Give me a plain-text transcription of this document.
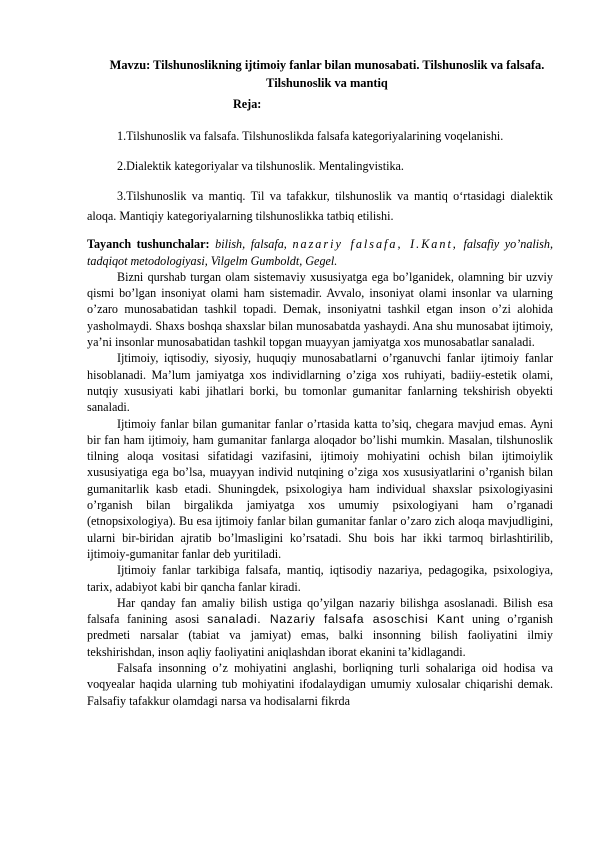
Mavzu: Tilshunoslikning ijtimoiy fanlar bilan munosabati. Tilshunoslik va falsafa. Tilshunoslik va mantiq
Reja:
1.Tilshunoslik va falsafa. Tilshunoslikda falsafa kategoriyalarining voqelanishi.
2.Dialektik kategoriyalar va tilshunoslik. Mentalingvistika.
3.Tilshunoslik va mantiq. Til va tafakkur, tilshunoslik va mantiq o‘rtasidagi dialektik aloqa. Mantiqiy kategoriyalarning tilshunoslikka tatbiq etilishi.
Tayanch tushunchalar: bilish, falsafa, nazariy falsafa, I.Kant, falsafiy yo’nalish, tadqiqot metodologiyasi, Vilgelm Gumboldt, Gegel.

Bizni qurshab turgan olam sistemaviy xususiyatga ega bo’lganidek, olamning bir uzviy qismi bo’lgan insoniyat olami ham sistemadir. Avvalo, insoniyat olami insonlar va ularning o’zaro munosabatidan tashkil topadi. Demak, insoniyatni tashkil etgan inson o’zi alohida yasholmaydi. Shaxs boshqa shaxslar bilan munosabatda yashaydi. Ana shu munosabat ijtimoiy, ya’ni insonlar munosabatidan tashkil topgan muayyan jamiyatga xos munosabatlar sanaladi.

Ijtimoiy, iqtisodiy, siyosiy, huquqiy munosabatlarni o’rganuvchi fanlar ijtimoiy fanlar hisoblanadi. Ma’lum jamiyatga xos individlarning o’ziga xos ruhiyati, badiiy-estetik olami, nutqiy xususiyati kabi jihatlari borki, bu tomonlar gumanitar fanlarning tekshirish obyekti sanaladi.

Ijtimoiy fanlar bilan gumanitar fanlar o’rtasida katta to’siq, chegara mavjud emas. Ayni bir fan ham ijtimoiy, ham gumanitar fanlarga aloqador bo’lishi mumkin. Masalan, tilshunoslik tilning aloqa vositasi sifatidagi vazifasini, ijtimoiy mohiyatini ochish bilan ijtimoiylik xususiyatiga ega bo’lsa, muayyan individ nutqining o’ziga xos xususiyatlarini o’rganish bilan gumanitarlik kasb etadi. Shuningdek, psixologiya ham individual shaxslar psixologiyasini o’rganish bilan birgalikda jamiyatga xos umumiy psixologiyani ham o’rganadi (etnopsixologiya). Bu esa ijtimoiy fanlar bilan gumanitar fanlar o’zaro zich aloqa mavjudligini, ularni bir-biridan ajratib bo’lmasligini ko’rsatadi. Shu bois har ikki tarmoq birlashtirilib, ijtimoiy-gumanitar fanlar deb yuritiladi.

Ijtimoiy fanlar tarkibiga falsafa, mantiq, iqtisodiy nazariya, pedagogika, psixologiya, tarix, adabiyot kabi bir qancha fanlar kiradi.

Har qanday fan amaliy bilish ustiga qo’yilgan nazariy bilishga asoslanadi. Bilish esa falsafa fanining asosi sanaladi. Nazariy falsafa asoschisi Kant uning o’rganish predmeti narsalar (tabiat va jamiyat) emas, balki insonning bilish faoliyatini ilmiy tekshirishdan, inson aqliy faoliyatini aniqlashdan iborat ekanini ta’kidlagandi.

Falsafa insonning o’z mohiyatini anglashi, borliqning turli sohalariga oid hodisa va voqyealar haqida ularning tub mohiyatini ifodalaydigan umumiy xulosalar chiqarishi demak. Falsafiy tafakkur olamdagi narsa va hodisalarni fikrda
